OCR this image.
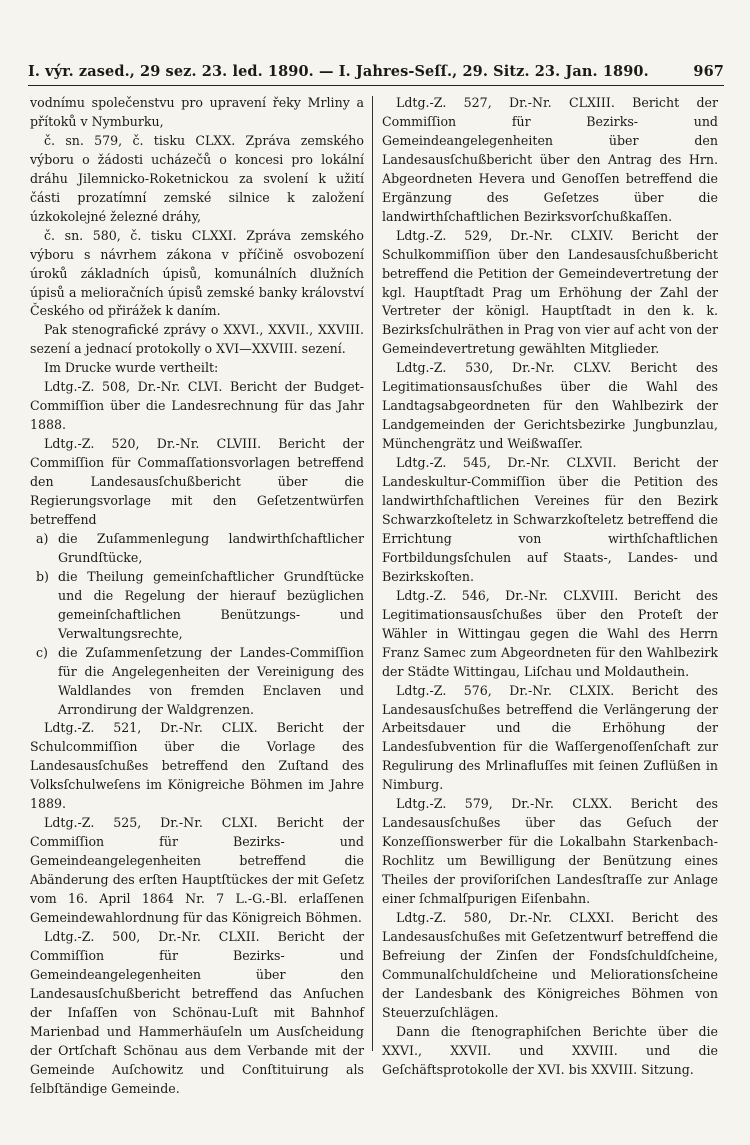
I. výr. zased., 29 sez. 23. led. 1890. — I. Jahres-Seſſ., 29. Sitz. 23. Jan. 1890.	967

vodnímu společenstvu pro upravení řeky Mrliny a přítoků v Nymburku,

č. sn. 579, č. tisku CLXX. Zpráva zemského výboru o žádosti ucházečů o koncesi pro lokální dráhu Jilemnicko-Roketnickou za svolení k užití části prozatímní zemské silnice k založení úzkokolejné železné dráhy,

č. sn. 580, č. tisku CLXXI. Zpráva zemského výboru s návrhem zákona v příčině osvobození úroků základních úpisů, komunálních dlužních úpisů a melioračních úpisů zemské banky království Českého od přirážek k daním.

Pak stenografické zprávy o XXVI., XXVII., XXVIII. sezení a jednací protokolly o XVI—XXVIII. sezení.

Im Drucke wurde vertheilt:

Ldtg.-Z. 508, Dr.-Nr. CLVI. Bericht der Budget-Commiſſion über die Landesrechnung für das Jahr 1888.

Ldtg.-Z. 520, Dr.-Nr. CLVIII. Bericht der Commiſſion für Commaſſationsvorlagen betreffend den Landesausſchußbericht über die Regierungsvorlage mit den Geſetzentwürfen betreffend

a) die Zuſammenlegung landwirthſchaftlicher Grundſtücke,
b) die Theilung gemeinſchaftlicher Grundſtücke und die Regelung der hierauf bezüglichen gemeinſchaftlichen Benützungs- und Verwaltungsrechte,
c) die Zuſammenſetzung der Landes-Commiſſion für die Angelegenheiten der Vereinigung des Waldlandes von fremden Enclaven und Arrondirung der Waldgrenzen.

Ldtg.-Z. 521, Dr.-Nr. CLIX. Bericht der Schulcommiſſion über die Vorlage des Landesausſchußes betreffend den Zuſtand des Volksſchulweſens im Königreiche Böhmen im Jahre 1889.

Ldtg.-Z. 525, Dr.-Nr. CLXI. Bericht der Commiſſion für Bezirks- und Gemeindeangelegenheiten betreffend die Abänderung des erſten Hauptſtückes der mit Geſetz vom 16. April 1864 Nr. 7 L.-G.-Bl. erlaſſenen Gemeindewahlordnung für das Königreich Böhmen.

Ldtg.-Z. 500, Dr.-Nr. CLXII. Bericht der Commiſſion für Bezirks- und Gemeindeangelegenheiten über den Landesausſchußbericht betreffend das Anſuchen der Inſaſſen von Schönau-Luſt mit Bahnhof Marienbad und Hammerhäuſeln um Ausſcheidung der Ortſchaft Schönau aus dem Verbande mit der Gemeinde Auſchowitz und Conſtituirung als ſelbſtändige Gemeinde.

Ldtg.-Z. 527, Dr.-Nr. CLXIII. Bericht der Commiſſion für Bezirks- und Gemeindeangelegenheiten über den Landesausſchußbericht über den Antrag des Hrn. Abgeordneten Hevera und Genoſſen betreffend die Ergänzung des Geſetzes über die landwirthſchaftlichen Bezirksvorſchußkaſſen.

Ldtg.-Z. 529, Dr.-Nr. CLXIV. Bericht der Schulkommiſſion über den Landesausſchußbericht betreffend die Petition der Gemeindevertretung der kgl. Hauptſtadt Prag um Erhöhung der Zahl der Vertreter der königl. Hauptſtadt in den k. k. Bezirksſchulräthen in Prag von vier auf acht von der Gemeindevertretung gewählten Mitglieder.

Ldtg.-Z. 530, Dr.-Nr. CLXV. Bericht des Legitimationsausſchußes über die Wahl des Landtagsabgeordneten für den Wahlbezirk der Landgemeinden der Gerichtsbezirke Jungbunzlau, Münchengrätz und Weißwaſſer.

Ldtg.-Z. 545, Dr.-Nr. CLXVII. Bericht der Landeskultur-Commiſſion über die Petition des landwirthſchaftlichen Vereines für den Bezirk Schwarzkoſteletz in Schwarzkoſteletz betreffend die Errichtung von wirthſchaftlichen Fortbildungsſchulen auf Staats-, Landes- und Bezirkskoſten.

Ldtg.-Z. 546, Dr.-Nr. CLXVIII. Bericht des Legitimationsausſchußes über den Proteſt der Wähler in Wittingau gegen die Wahl des Herrn Franz Samec zum Abgeordneten für den Wahlbezirk der Städte Wittingau, Liſchau und Moldauthein.

Ldtg.-Z. 576, Dr.-Nr. CLXIX. Bericht des Landesausſchußes betreffend die Verlängerung der Arbeitsdauer und die Erhöhung der Landesſubvention für die Waſſergenoſſenſchaft zur Regulirung des Mrlinafluſſes mit ſeinen Zuflüßen in Nimburg.

Ldtg.-Z. 579, Dr.-Nr. CLXX. Bericht des Landesausſchußes über das Geſuch der Konzeſſionswerber für die Lokalbahn Starkenbach-Rochlitz um Bewilligung der Benützung eines Theiles der proviſoriſchen Landesſtraſſe zur Anlage einer ſchmalſpurigen Eiſenbahn.

Ldtg.-Z. 580, Dr.-Nr. CLXXI. Bericht des Landesausſchußes mit Geſetzentwurf betreffend die Befreiung der Zinſen der Fondsſchuldſcheine, Communalſchuldſcheine und Meliorationsſcheine der Landesbank des Königreiches Böhmen von Steuerzuſchlägen.

Dann die ſtenographiſchen Berichte über die XXVI., XXVII. und XXVIII. und die Geſchäftsprotokolle der XVI. bis XXVIII. Sitzung.
